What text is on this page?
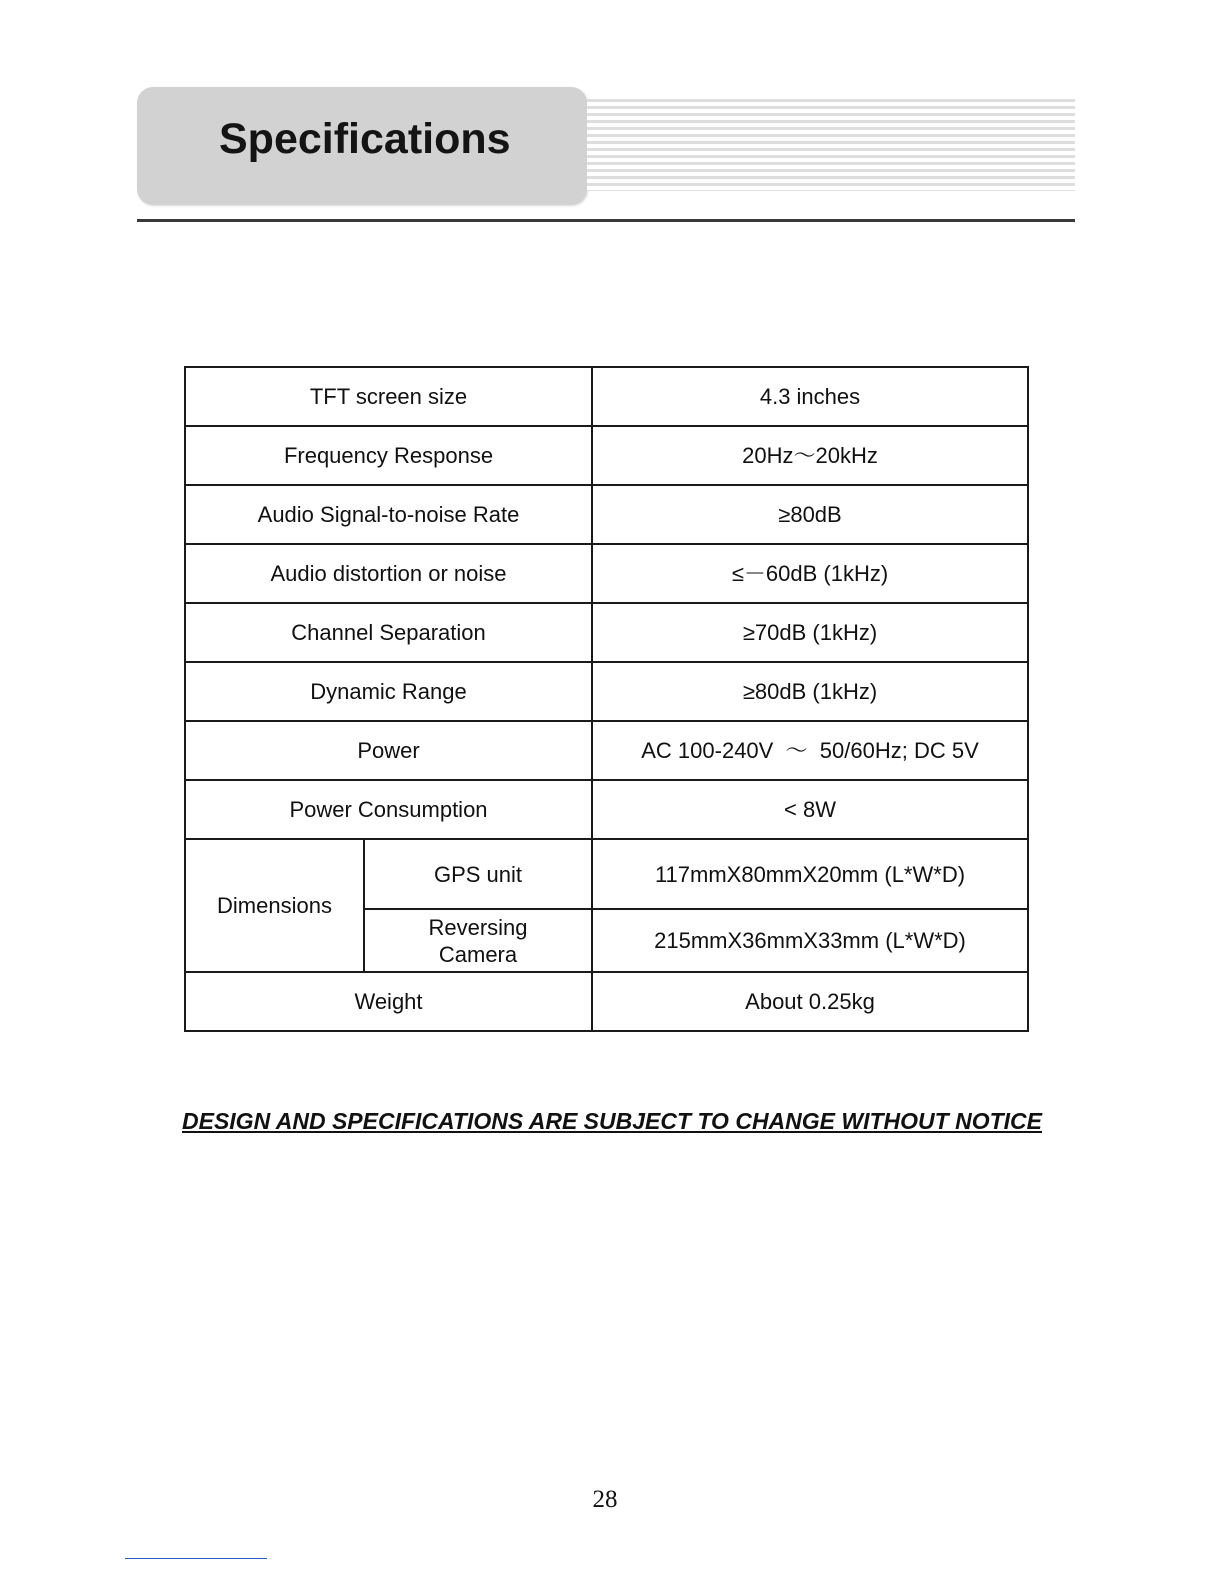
Specifications
TFT screen size		4.3 inches
Frequency Response		20Hz～20kHz
Audio Signal-to-noise Rate		≥80dB
Audio distortion or noise		≤－60dB (1kHz)
Channel Separation		≥70dB (1kHz)
Dynamic Range		≥80dB (1kHz)
Power		AC 100-240V  ～  50/60Hz; DC 5V
Power Consumption		< 8W
Dimensions	GPS unit	117mmX80mmX20mm (L*W*D)
	Reversing Camera	215mmX36mmX33mm (L*W*D)
Weight		About 0.25kg
DESIGN AND SPECIFICATIONS ARE SUBJECT TO CHANGE WITHOUT NOTICE
28
